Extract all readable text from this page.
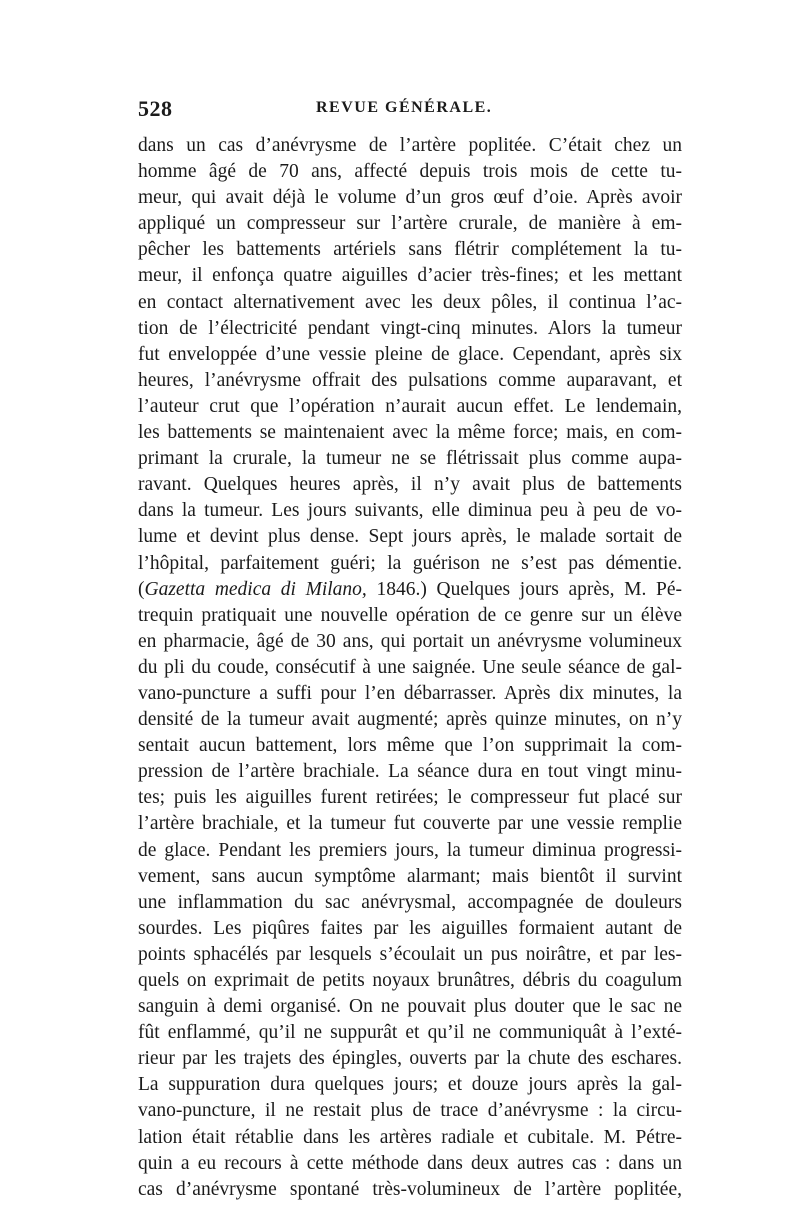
528	REVUE GÉNÉRALE.
dans un cas d’anévrysme de l’artère poplitée. C’était chez un
homme âgé de 70 ans, affecté depuis trois mois de cette tu-
meur, qui avait déjà le volume d’un gros œuf d’oie. Après avoir
appliqué un compresseur sur l’artère crurale, de manière à em-
pêcher les battements artériels sans flétrir complétement la tu-
meur, il enfonça quatre aiguilles d’acier très-fines; et les mettant
en contact alternativement avec les deux pôles, il continua l’ac-
tion de l’électricité pendant vingt-cinq minutes. Alors la tumeur
fut enveloppée d’une vessie pleine de glace. Cependant, après six
heures, l’anévrysme offrait des pulsations comme auparavant, et
l’auteur crut que l’opération n’aurait aucun effet. Le lendemain,
les battements se maintenaient avec la même force; mais, en com-
primant la crurale, la tumeur ne se flétrissait plus comme aupa-
ravant. Quelques heures après, il n’y avait plus de battements
dans la tumeur. Les jours suivants, elle diminua peu à peu de vo-
lume et devint plus dense. Sept jours après, le malade sortait de
l’hôpital, parfaitement guéri; la guérison ne s’est pas démentie.
(Gazetta medica di Milano, 1846.) Quelques jours après, M. Pé-
trequin pratiquait une nouvelle opération de ce genre sur un élève
en pharmacie, âgé de 30 ans, qui portait un anévrysme volumineux
du pli du coude, consécutif à une saignée. Une seule séance de gal-
vano-puncture a suffi pour l’en débarrasser. Après dix minutes, la
densité de la tumeur avait augmenté; après quinze minutes, on n’y
sentait aucun battement, lors même que l’on supprimait la com-
pression de l’artère brachiale. La séance dura en tout vingt minu-
tes; puis les aiguilles furent retirées; le compresseur fut placé sur
l’artère brachiale, et la tumeur fut couverte par une vessie remplie
de glace. Pendant les premiers jours, la tumeur diminua progressi-
vement, sans aucun symptôme alarmant; mais bientôt il survint
une inflammation du sac anévrysmal, accompagnée de douleurs
sourdes. Les piqûres faites par les aiguilles formaient autant de
points sphacélés par lesquels s’écoulait un pus noirâtre, et par les-
quels on exprimait de petits noyaux brunâtres, débris du coagulum
sanguin à demi organisé. On ne pouvait plus douter que le sac ne
fût enflammé, qu’il ne suppurât et qu’il ne communiquât à l’exté-
rieur par les trajets des épingles, ouverts par la chute des eschares.
La suppuration dura quelques jours; et douze jours après la gal-
vano-puncture, il ne restait plus de trace d’anévrysme : la circu-
lation était rétablie dans les artères radiale et cubitale. M. Pétre-
quin a eu recours à cette méthode dans deux autres cas : dans un
cas d’anévrysme spontané très-volumineux de l’artère poplitée,
